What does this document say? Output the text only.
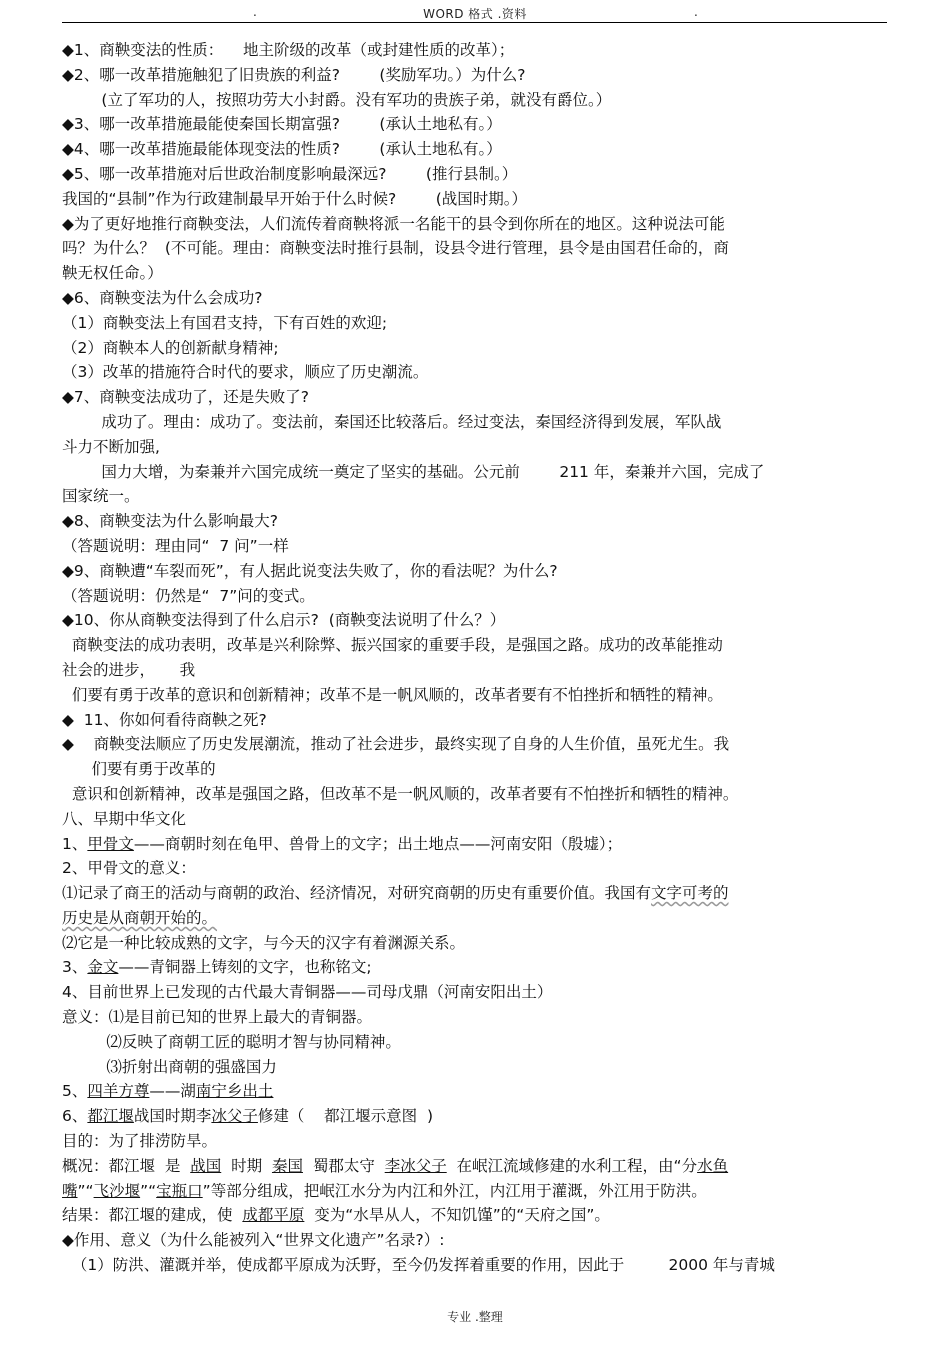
.	WORD 格式 .资料	.
◆1、商鞅变法的性质：    地主阶级的改革（或封建性质的改革）；
◆2、哪一改革措施触犯了旧贵族的利益?        (奖励军功。）为什么?
(立了军功的人，按照功劳大小封爵。没有军功的贵族子弟，就没有爵位。）
◆3、哪一改革措施最能使秦国长期富强?        (承认土地私有。）
◆4、哪一改革措施最能体现变法的性质?        (承认土地私有。）
◆5、哪一改革措施对后世政治制度影响最深远?        (推行县制。）
我国的“县制”作为行政建制最早开始于什么时候?        (战国时期。）
◆为了更好地推行商鞅变法，人们流传着商鞅将派一名能干的县令到你所在的地区。这种说法可能
吗？为什么？  (不可能。理由：商鞅变法时推行县制，设县令进行管理，县令是由国君任命的，商
鞅无权任命。）
◆6、商鞅变法为什么会成功?
（1）商鞅变法上有国君支持，下有百姓的欢迎;
（2）商鞅本人的创新献身精神;
（3）改革的措施符合时代的要求，顺应了历史潮流。
◆7、商鞅变法成功了，还是失败了?
成功了。理由：成功了。变法前，秦国还比较落后。经过变法，秦国经济得到发展，军队战
斗力不断加强,
国力大增，为秦兼并六国完成统一奠定了坚实的基础。公元前        211 年，秦兼并六国，完成了
国家统一。
◆8、商鞅变法为什么影响最大?
（答题说明：理由同“  7 问”一样
◆9、商鞅遭“车裂而死”，有人据此说变法失败了，你的看法呢？为什么?
（答题说明：仍然是“  7”问的变式。
◆10、你从商鞅变法得到了什么启示?  (商鞅变法说明了什么？）
商鞅变法的成功表明，改革是兴利除弊、振兴国家的重要手段，是强国之路。成功的改革能推动
社会的进步，     我
们要有勇于改革的意识和创新精神；改革不是一帆风顺的，改革者要有不怕挫折和牺牲的精神。
◆  11、你如何看待商鞅之死?
◆    商鞅变法顺应了历史发展潮流，推动了社会进步，最终实现了自身的人生价值，虽死尤生。我
们要有勇于改革的
意识和创新精神，改革是强国之路，但改革不是一帆风顺的，改革者要有不怕挫折和牺牲的精神。
八、早期中华文化
1、甲骨文——商朝时刻在龟甲、兽骨上的文字；出土地点——河南安阳（殷墟）；
2、甲骨文的意义：
⑴记录了商王的活动与商朝的政治、经济情况，对研究商朝的历史有重要价值。我国有文字可考的
历史是从商朝开始的。
⑵它是一种比较成熟的文字，与今天的汉字有着渊源关系。
3、金文——青铜器上铸刻的文字，也称铭文;
4、目前世界上已发现的古代最大青铜器——司母戊鼎（河南安阳出土）
意义：⑴是目前已知的世界上最大的青铜器。
⑵反映了商朝工匠的聪明才智与协同精神。
⑶折射出商朝的强盛国力
5、四羊方尊——湖南宁乡出土
6、都江堰战国时期李冰父子修建（    都江堰示意图  )
目的：为了排涝防旱。
概况：都江堰  是  战国  时期  秦国  蜀郡太守  李冰父子  在岷江流域修建的水利工程，由“分水鱼
嘴”“飞沙堰”“宝瓶口”等部分组成，把岷江水分为内江和外江，内江用于灌溉，外江用于防洪。
结果：都江堰的建成，使  成都平原  变为“水旱从人，不知饥馑”的“天府之国”。
◆作用、意义（为什么能被列入“世界文化遗产”名录?）:
（1）防洪、灌溉并举，使成都平原成为沃野，至今仍发挥着重要的作用，因此于         2000 年与青城
专业 .整理
